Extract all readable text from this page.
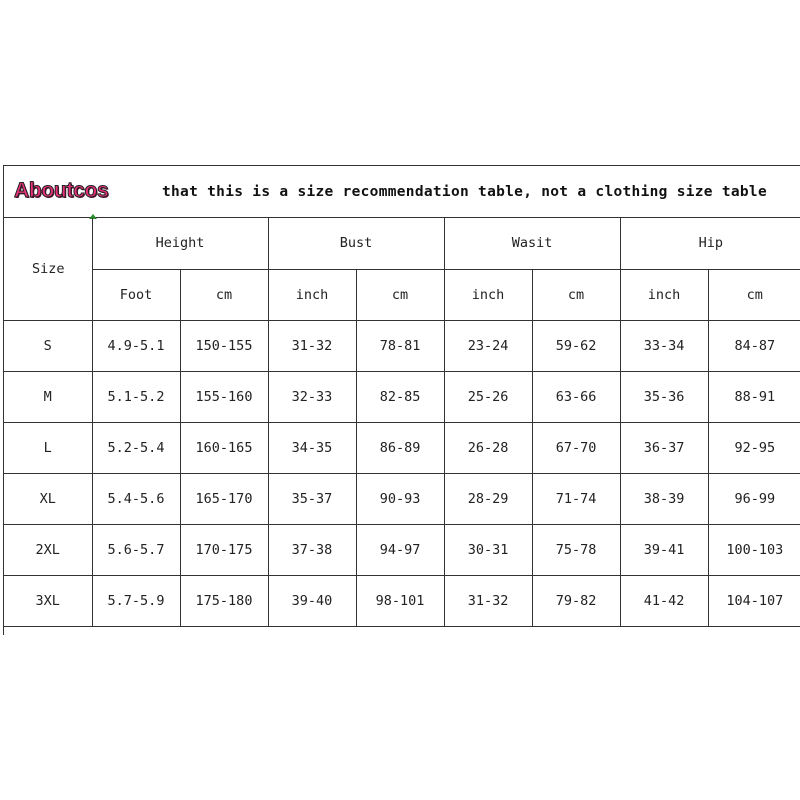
Aboutcos	that this is a size recommendation table, not a clothing size table
Size	Height		Bust		Wasit		Hip	
	Foot	cm	inch	cm	inch	cm	inch	cm
S	4.9-5.1	150-155	31-32	78-81	23-24	59-62	33-34	84-87
M	5.1-5.2	155-160	32-33	82-85	25-26	63-66	35-36	88-91
L	5.2-5.4	160-165	34-35	86-89	26-28	67-70	36-37	92-95
XL	5.4-5.6	165-170	35-37	90-93	28-29	71-74	38-39	96-99
2XL	5.6-5.7	170-175	37-38	94-97	30-31	75-78	39-41	100-103
3XL	5.7-5.9	175-180	39-40	98-101	31-32	79-82	41-42	104-107
